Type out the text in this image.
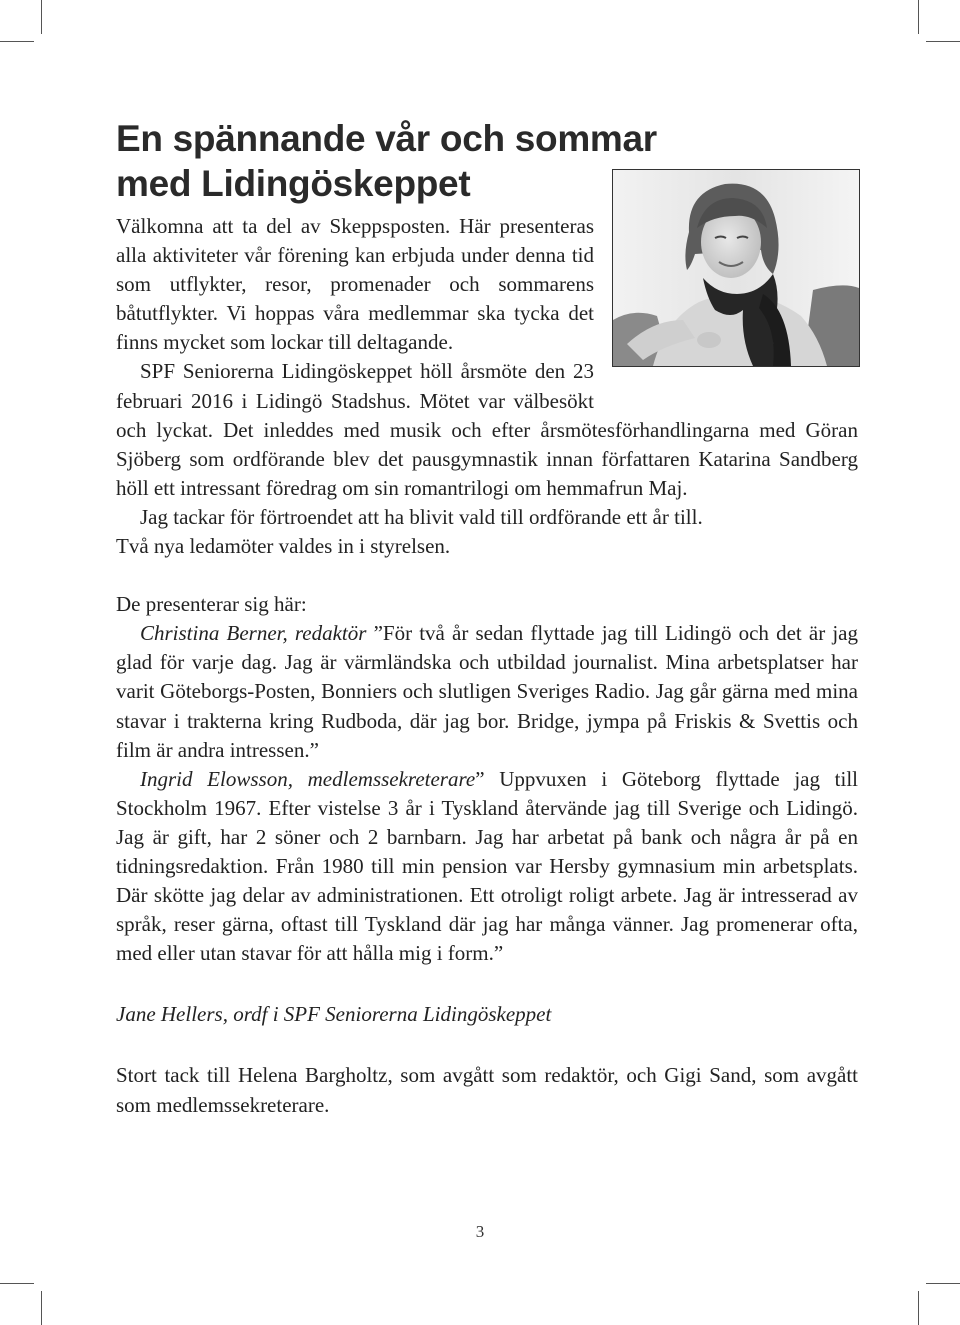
En spännande vår och sommar
med Lidingöskeppet

Välkomna att ta del av Skeppsposten. Här presenteras alla aktiviteter vår förening kan erbjuda under denna tid som utflykter, resor, promenader och sommarens båtutflykter. Vi hoppas våra medlemmar ska tycka det finns mycket som lockar till deltagande.

SPF Seniorerna Lidingöskeppet höll årsmöte den 23 februari 2016 i Lidingö Stadshus. Mötet var välbesökt och lyckat. Det inleddes med musik och efter årsmötesförhandlingarna med Göran Sjöberg som ordförande blev det pausgymnastik innan författaren Katarina Sandberg höll ett intressant föredrag om sin romantrilogi om hemmafrun Maj.

Jag tackar för förtroendet att ha blivit vald till ordförande ett år till.

Två nya ledamöter valdes in i styrelsen.

De presenterar sig här:

Christina Berner, redaktör ”För två år sedan flyttade jag till Lidingö och det är jag glad för varje dag. Jag är värmländska och utbildad journalist. Mina arbetsplatser har varit Göteborgs-Posten, Bonniers och slutligen Sveriges Radio. Jag går gärna med mina stavar i trakterna kring Rudboda, där jag bor. Bridge, jympa på Friskis & Svettis och film är andra intressen.”

Ingrid Elowsson, medlemssekreterare” Uppvuxen i Göteborg flyttade jag till Stockholm 1967. Efter vistelse 3 år i Tyskland återvände jag till Sverige och Lidingö. Jag är gift, har 2 söner och 2 barnbarn. Jag har arbetat på bank och några år på en tidningsredaktion. Från 1980 till min pension var Hersby gymnasium min arbetsplats. Där skötte jag delar av administrationen. Ett otroligt roligt arbete. Jag är intresserad av språk, reser gärna, oftast till Tyskland där jag har många vänner. Jag promenerar ofta, med eller utan stavar för att hålla mig i form.”

Jane Hellers, ordf i SPF Seniorerna Lidingöskeppet

Stort tack till Helena Bargholtz, som avgått som redaktör, och Gigi Sand, som avgått som medlemssekreterare.

3
